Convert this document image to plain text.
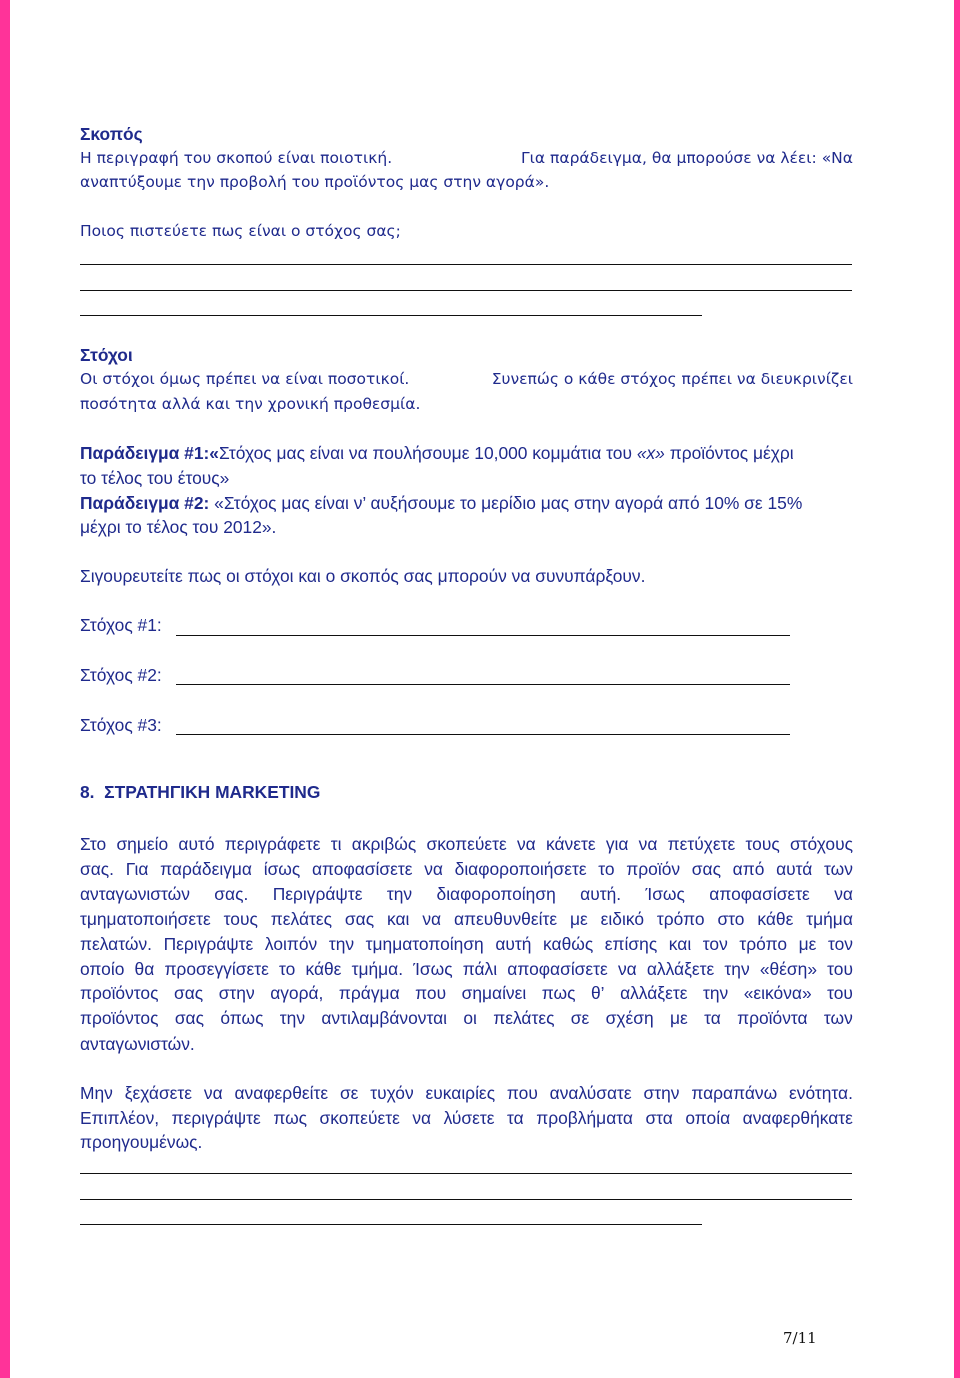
Σκοπός
Η περιγραφή του σκοπού είναι ποιοτική.	Για παράδειγμα, θα μπορούσε να λέει: «Να
αναπτύξουμε την προβολή του προϊόντος μας στην αγορά».
Ποιος πιστεύετε πως είναι ο στόχος σας;
Στόχοι
Οι στόχοι όμως πρέπει να είναι ποσοτικοί.	Συνεπώς ο κάθε στόχος πρέπει να διευκρινίζει
ποσότητα αλλά και την χρονική προθεσμία.
Παράδειγμα #1:«Στόχος μας είναι να πουλήσουμε 10,000 κομμάτια του «x» προϊόντος μέχρι
το τέλος του έτους»
Παράδειγμα #2: «Στόχος μας είναι ν’ αυξήσουμε το μερίδιο μας στην αγορά από 10% σε 15%
μέχρι το τέλος του 2012».
Σιγουρευτείτε πως οι στόχοι και ο σκοπός σας μπορούν να συνυπάρξουν.
Στόχος #1:
Στόχος #2:
Στόχος #3:
8.  ΣΤΡΑΤΗΓΙΚΗ MARKETING
Στο σημείο αυτό περιγράφετε τι ακριβώς σκοπεύετε να κάνετε για να πετύχετε τους στόχους
σας. Για παράδειγμα ίσως αποφασίσετε να διαφοροποιήσετε το προϊόν σας από αυτά των
ανταγωνιστών σας. Περιγράψτε την διαφοροποίηση αυτή. Ίσως αποφασίσετε να
τμηματοποιήσετε τους πελάτες σας και να απευθυνθείτε με ειδικό τρόπο στο κάθε τμήμα
πελατών. Περιγράψτε λοιπόν την τμηματοποίηση αυτή καθώς επίσης και τον τρόπο με τον
οποίο θα προσεγγίσετε το κάθε τμήμα. Ίσως πάλι αποφασίσετε να αλλάξετε την «θέση» του
προϊόντος σας στην αγορά, πράγμα που σημαίνει πως θ’ αλλάξετε την «εικόνα» του
προϊόντος σας όπως την αντιλαμβάνονται οι πελάτες σε σχέση με τα προϊόντα των
ανταγωνιστών.
Μην ξεχάσετε να αναφερθείτε σε τυχόν ευκαιρίες που αναλύσατε στην παραπάνω ενότητα.
Επιπλέον, περιγράψτε πως σκοπεύετε να λύσετε τα προβλήματα στα οποία αναφερθήκατε
προηγουμένως.
7/11
